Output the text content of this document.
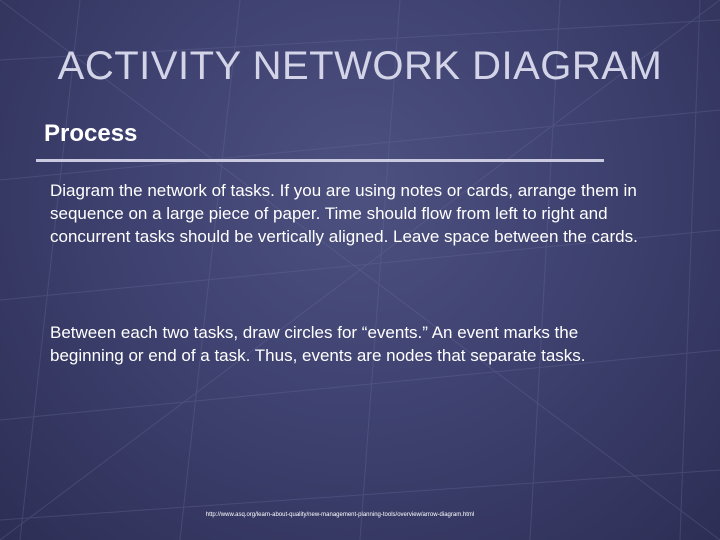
ACTIVITY NETWORK DIAGRAM
Process

Diagram the network of tasks. If you are using notes or cards, arrange them in sequence on a large piece of paper. Time should flow from left to right and concurrent tasks should be vertically aligned. Leave space between the cards.

Between each two tasks, draw circles for “events.” An event marks the beginning or end of a task. Thus, events are nodes that separate tasks.

http://www.asq.org/learn-about-quality/new-management-planning-tools/overview/arrow-diagram.html
